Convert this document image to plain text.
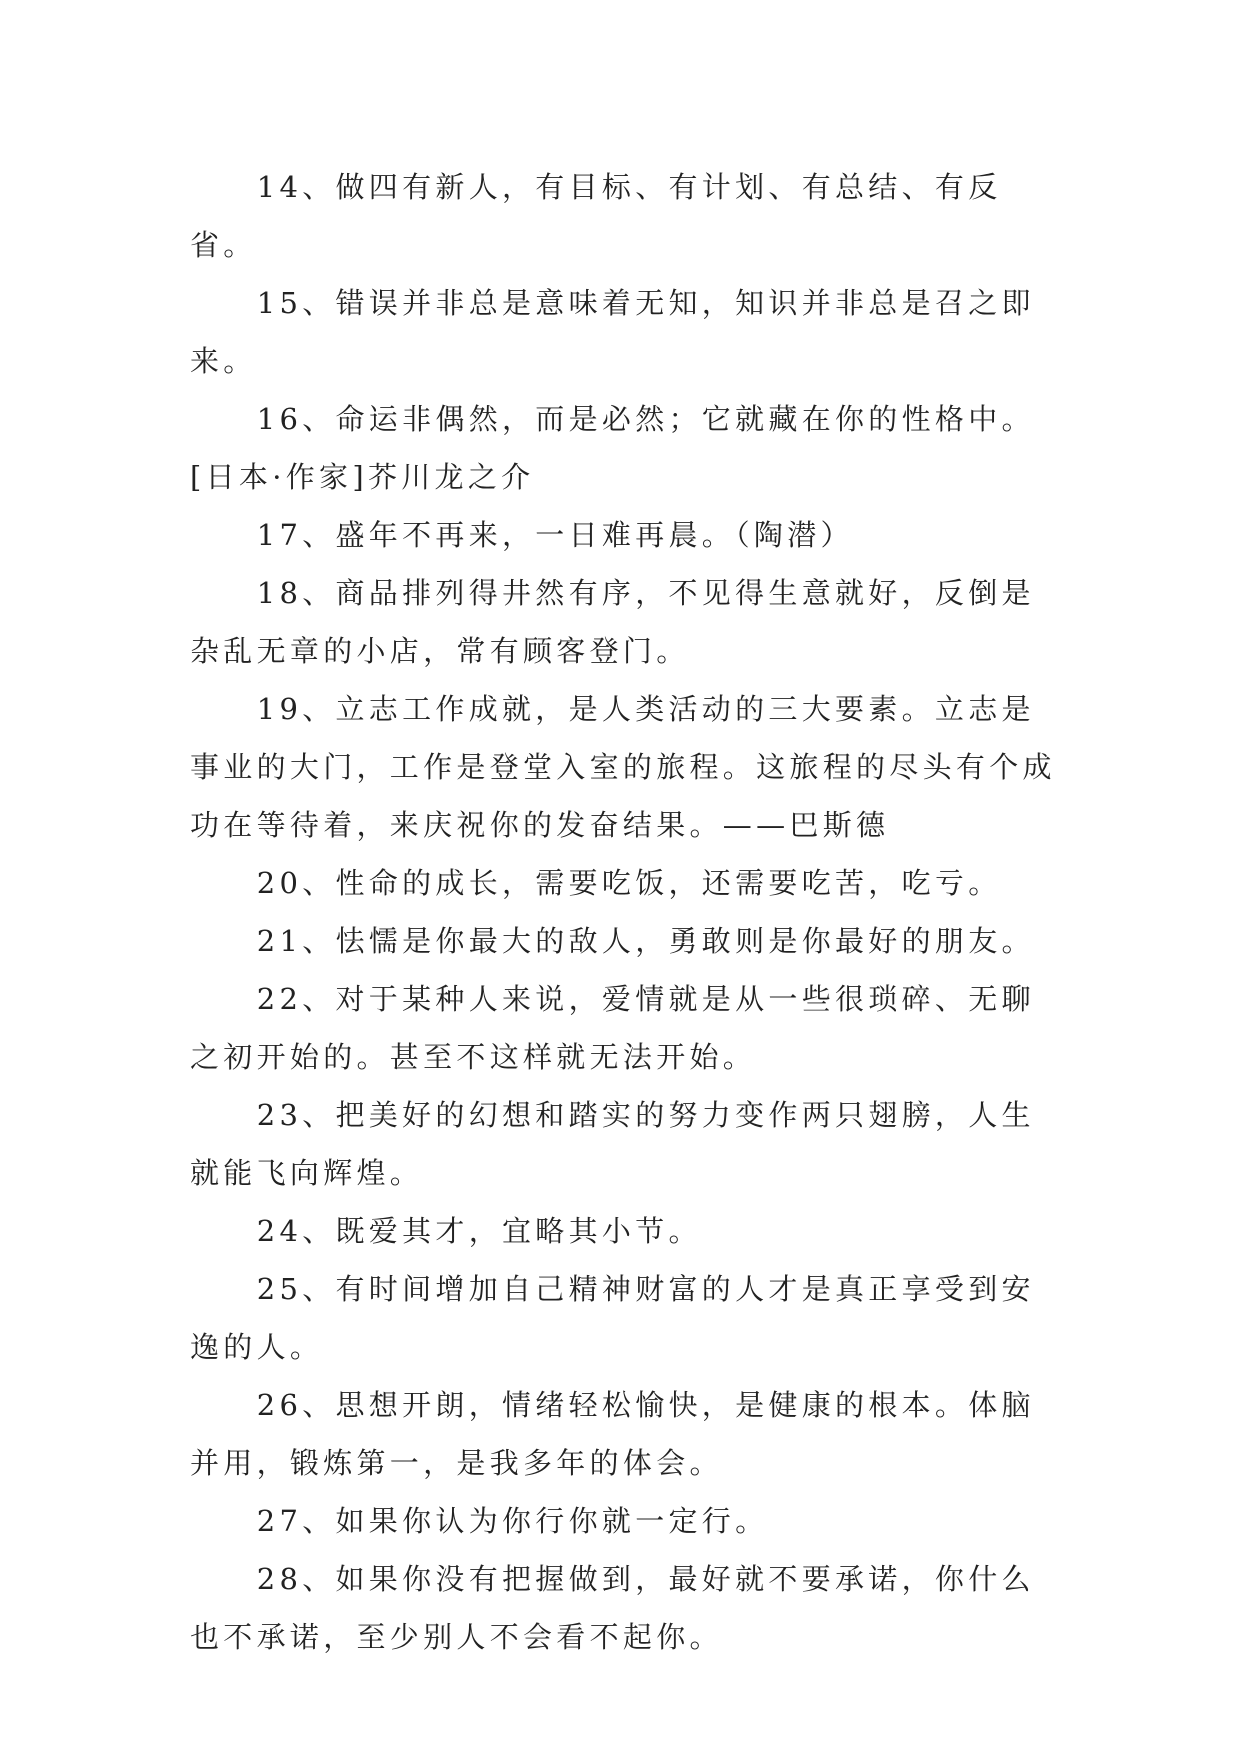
14、做四有新人，有目标、有计划、有总结、有反省。

15、错误并非总是意味着无知，知识并非总是召之即来。

16、命运非偶然，而是必然；它就藏在你的性格中。[日本·作家]芥川龙之介

17、盛年不再来，一日难再晨。（陶潜）

18、商品排列得井然有序，不见得生意就好，反倒是杂乱无章的小店，常有顾客登门。

19、立志工作成就，是人类活动的三大要素。立志是事业的大门，工作是登堂入室的旅程。这旅程的尽头有个成功在等待着，来庆祝你的发奋结果。——巴斯德

20、性命的成长，需要吃饭，还需要吃苦，吃亏。

21、怯懦是你最大的敌人，勇敢则是你最好的朋友。

22、对于某种人来说，爱情就是从一些很琐碎、无聊之初开始的。甚至不这样就无法开始。

23、把美好的幻想和踏实的努力变作两只翅膀，人生就能飞向辉煌。

24、既爱其才，宜略其小节。

25、有时间增加自己精神财富的人才是真正享受到安逸的人。

26、思想开朗，情绪轻松愉快，是健康的根本。体脑并用，锻炼第一，是我多年的体会。

27、如果你认为你行你就一定行。

28、如果你没有把握做到，最好就不要承诺，你什么也不承诺，至少别人不会看不起你。
